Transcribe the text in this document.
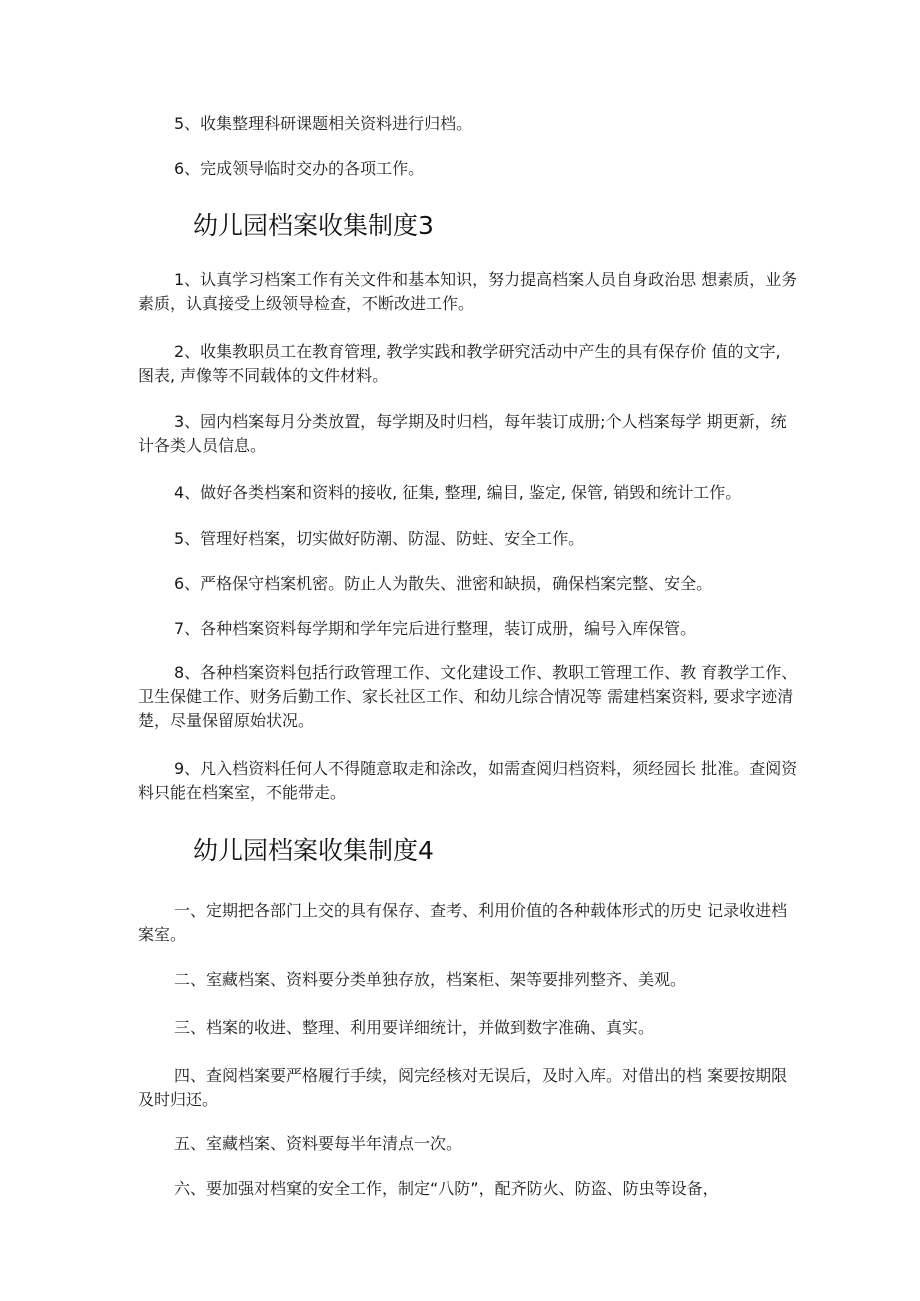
5、收集整理科研课题相关资料进行归档。

6、完成领导临时交办的各项工作。

幼儿园档案收集制度3

1、认真学习档案工作有关文件和基本知识，努力提高档案人员自身政治思 想素质，业务素质，认真接受上级领导检查，不断改进工作。

2、收集教职员工在教育管理, 教学实践和教学研究活动中产生的具有保存价 值的文字, 图表, 声像等不同载体的文件材料。

3、园内档案每月分类放置，每学期及时归档，每年装订成册;个人档案每学 期更新，统计各类人员信息。

4、做好各类档案和资料的接收, 征集, 整理, 编目, 鉴定, 保管, 销毁和统计工作。

5、管理好档案，切实做好防潮、防湿、防蛀、安全工作。

6、严格保守档案机密。防止人为散失、泄密和缺损，确保档案完整、安全。

7、各种档案资料每学期和学年完后进行整理，装订成册，编号入库保管。

8、各种档案资料包括行政管理工作、文化建设工作、教职工管理工作、教 育教学工作、卫生保健工作、财务后勤工作、家长社区工作、和幼儿综合情况等 需建档案资料, 要求字迹清楚，尽量保留原始状况。

9、凡入档资料任何人不得随意取走和涂改，如需查阅归档资料，须经园长 批准。查阅资料只能在档案室，不能带走。

幼儿园档案收集制度4

一、定期把各部门上交的具有保存、查考、利用价值的各种载体形式的历史 记录收进档案室。

二、室藏档案、资料要分类单独存放，档案柜、架等要排列整齐、美观。

三、档案的收进、整理、利用要详细统计，并做到数字准确、真实。

四、查阅档案要严格履行手续，阅完经核对无误后，及时入库。对借出的档 案要按期限及时归还。

五、室藏档案、资料要每半年清点一次。

六、要加强对档窠的安全工作，制定“八防”，配齐防火、防盗、防虫等设备，
